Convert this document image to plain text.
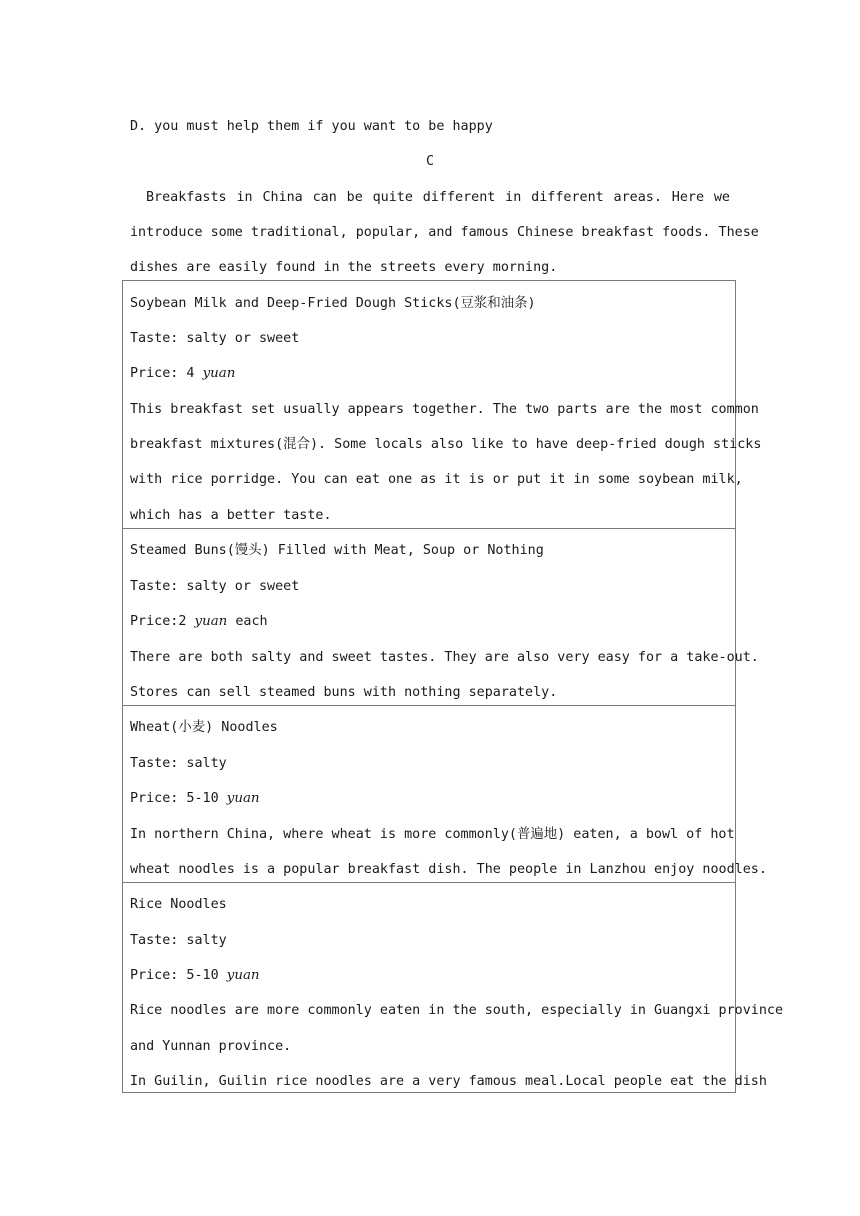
D. you must help them if you want to be happy
C
Breakfasts in China can be quite different in different areas. Here we
introduce some traditional, popular, and famous Chinese breakfast foods. These
dishes are easily found in the streets every morning.
Soybean Milk and Deep-Fried Dough Sticks(豆浆和油条)
Taste: salty or sweet
Price: 4 yuan
This breakfast set usually appears together. The two parts are the most common
breakfast mixtures(混合). Some locals also like to have deep-fried dough sticks
with rice porridge. You can eat one as it is or put it in some soybean milk,
which has a better taste.
Steamed Buns(馒头) Filled with Meat, Soup or Nothing
Taste: salty or sweet
Price:2 yuan each
There are both salty and sweet tastes. They are also very easy for a take-out.
Stores can sell steamed buns with nothing separately.
Wheat(小麦) Noodles
Taste: salty
Price: 5-10 yuan
In northern China, where wheat is more commonly(普遍地) eaten, a bowl of hot
wheat noodles is a popular breakfast dish. The people in Lanzhou enjoy noodles.
Rice Noodles
Taste: salty
Price: 5-10 yuan
Rice noodles are more commonly eaten in the south, especially in Guangxi province
and Yunnan province.
In Guilin, Guilin rice noodles are a very famous meal.Local people eat the dish
